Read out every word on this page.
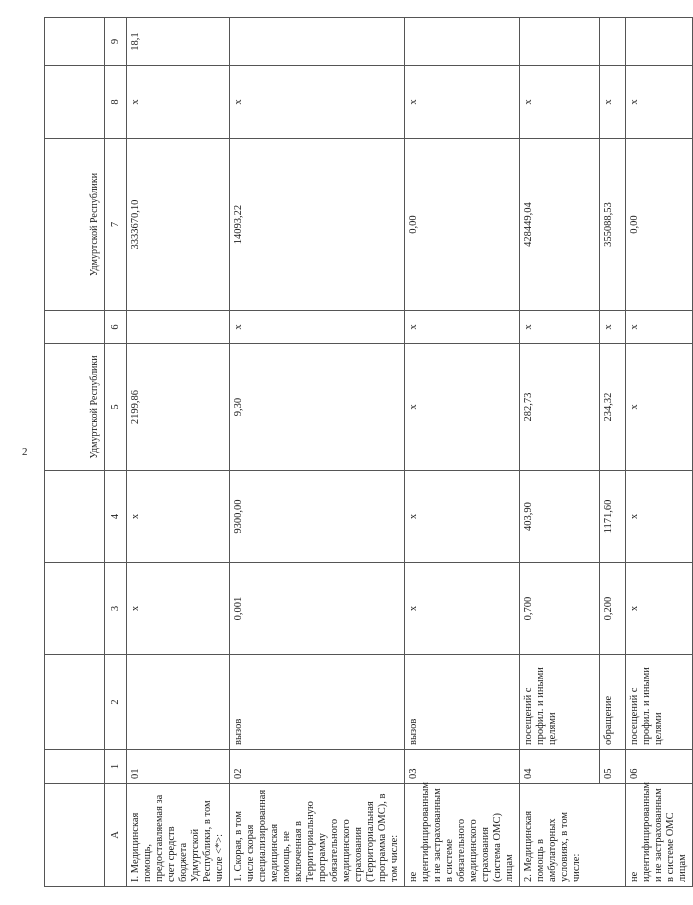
2
						Удмуртской Республики		Удмуртской Республики		
A	1	2	3	4	5	6	7	8	9
I. Медицинская помощь, предоставляемая за счет средств бюджета Удмуртской Республики, в том числе <*>:	01		х	х	2199,86		3333670,10	х	18,1
1. Скорая, в том числе скорая специализированная медицинская помощь, не включенная в Территориальную программу обязательного медицинского страхования (Территориальная программа ОМС), в том числе:	02	вызов	0,001	9300,00	9,30	х	14093,22	х	
не идентифицированным и не застрахованным в системе обязательного медицинского страхования (система ОМС) лицам	03	вызов	х	х	х	х	0,00	х	
2. Медицинская помощь в амбулаторных условиях, в том числе:	04	посещений с профил. и иными целями	0,700	403,90	282,73	х	428449,04	х	
	05	обращение	0,200	1171,60	234,32	х	355088,53	х	
не идентифицированным и не застрахованным в системе ОМС лицам	06	посещений с профил. и иными целями	х	х	х	х	0,00	х	
